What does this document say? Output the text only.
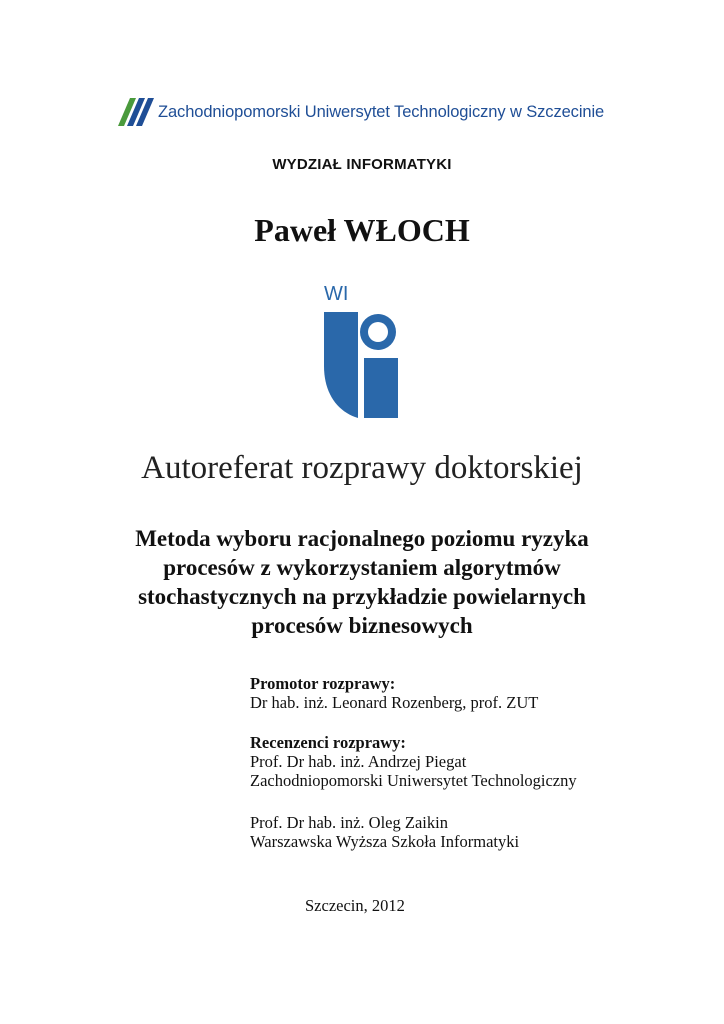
Zachodniopomorski Uniwersytet Technologiczny w Szczecinie
WYDZIAŁ INFORMATYKI
Paweł WŁOCH
WI
Autoreferat rozprawy doktorskiej
Metoda wyboru racjonalnego poziomu ryzyka
procesów z wykorzystaniem algorytmów
stochastycznych na przykładzie powielarnych
procesów biznesowych
Promotor rozprawy:
Dr hab. inż. Leonard Rozenberg, prof. ZUT
Recenzenci rozprawy:
Prof. Dr hab. inż. Andrzej Piegat
Zachodniopomorski Uniwersytet Technologiczny
Prof. Dr hab. inż. Oleg Zaikin
Warszawska Wyższa Szkoła Informatyki
Szczecin, 2012
